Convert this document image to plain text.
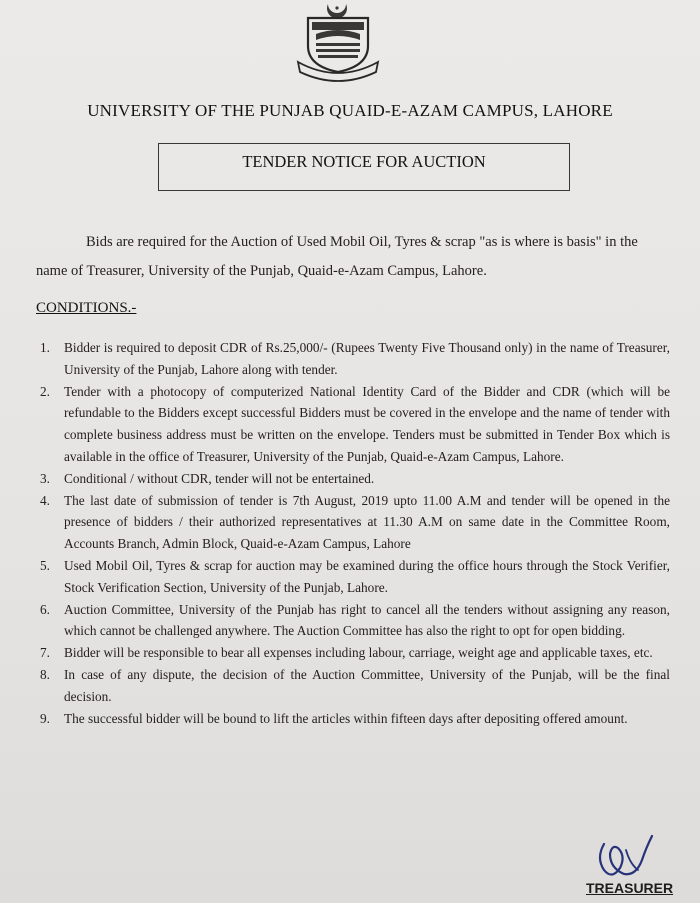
UNIVERSITY OF THE PUNJAB QUAID-E-AZAM CAMPUS, LAHORE
TENDER NOTICE FOR AUCTION
Bids are required for the Auction of Used Mobil Oil, Tyres & scrap "as is where is basis" in the name of Treasurer, University of the Punjab, Quaid-e-Azam Campus, Lahore.
CONDITIONS.-
1. Bidder is required to deposit CDR of Rs.25,000/- (Rupees Twenty Five Thousand only) in the name of Treasurer, University of the Punjab, Lahore along with tender.
2. Tender with a photocopy of computerized National Identity Card of the Bidder and CDR (which will be refundable to the Bidders except successful Bidders must be covered in the envelope and the name of tender with complete business address must be written on the envelope. Tenders must be submitted in Tender Box which is available in the office of Treasurer, University of the Punjab, Quaid-e-Azam Campus, Lahore.
3. Conditional / without CDR, tender will not be entertained.
4. The last date of submission of tender is 7th August, 2019 upto 11.00 A.M and tender will be opened in the presence of bidders / their authorized representatives at 11.30 A.M on same date in the Committee Room, Accounts Branch, Admin Block, Quaid-e-Azam Campus, Lahore
5. Used Mobil Oil, Tyres & scrap for auction may be examined during the office hours through the Stock Verifier, Stock Verification Section, University of the Punjab, Lahore.
6. Auction Committee, University of the Punjab has right to cancel all the tenders without assigning any reason, which cannot be challenged anywhere. The Auction Committee has also the right to opt for open bidding.
7. Bidder will be responsible to bear all expenses including labour, carriage, weight age and applicable taxes, etc.
8. In case of any dispute, the decision of the Auction Committee, University of the Punjab, will be the final decision.
9. The successful bidder will be bound to lift the articles within fifteen days after depositing offered amount.
TREASURER
